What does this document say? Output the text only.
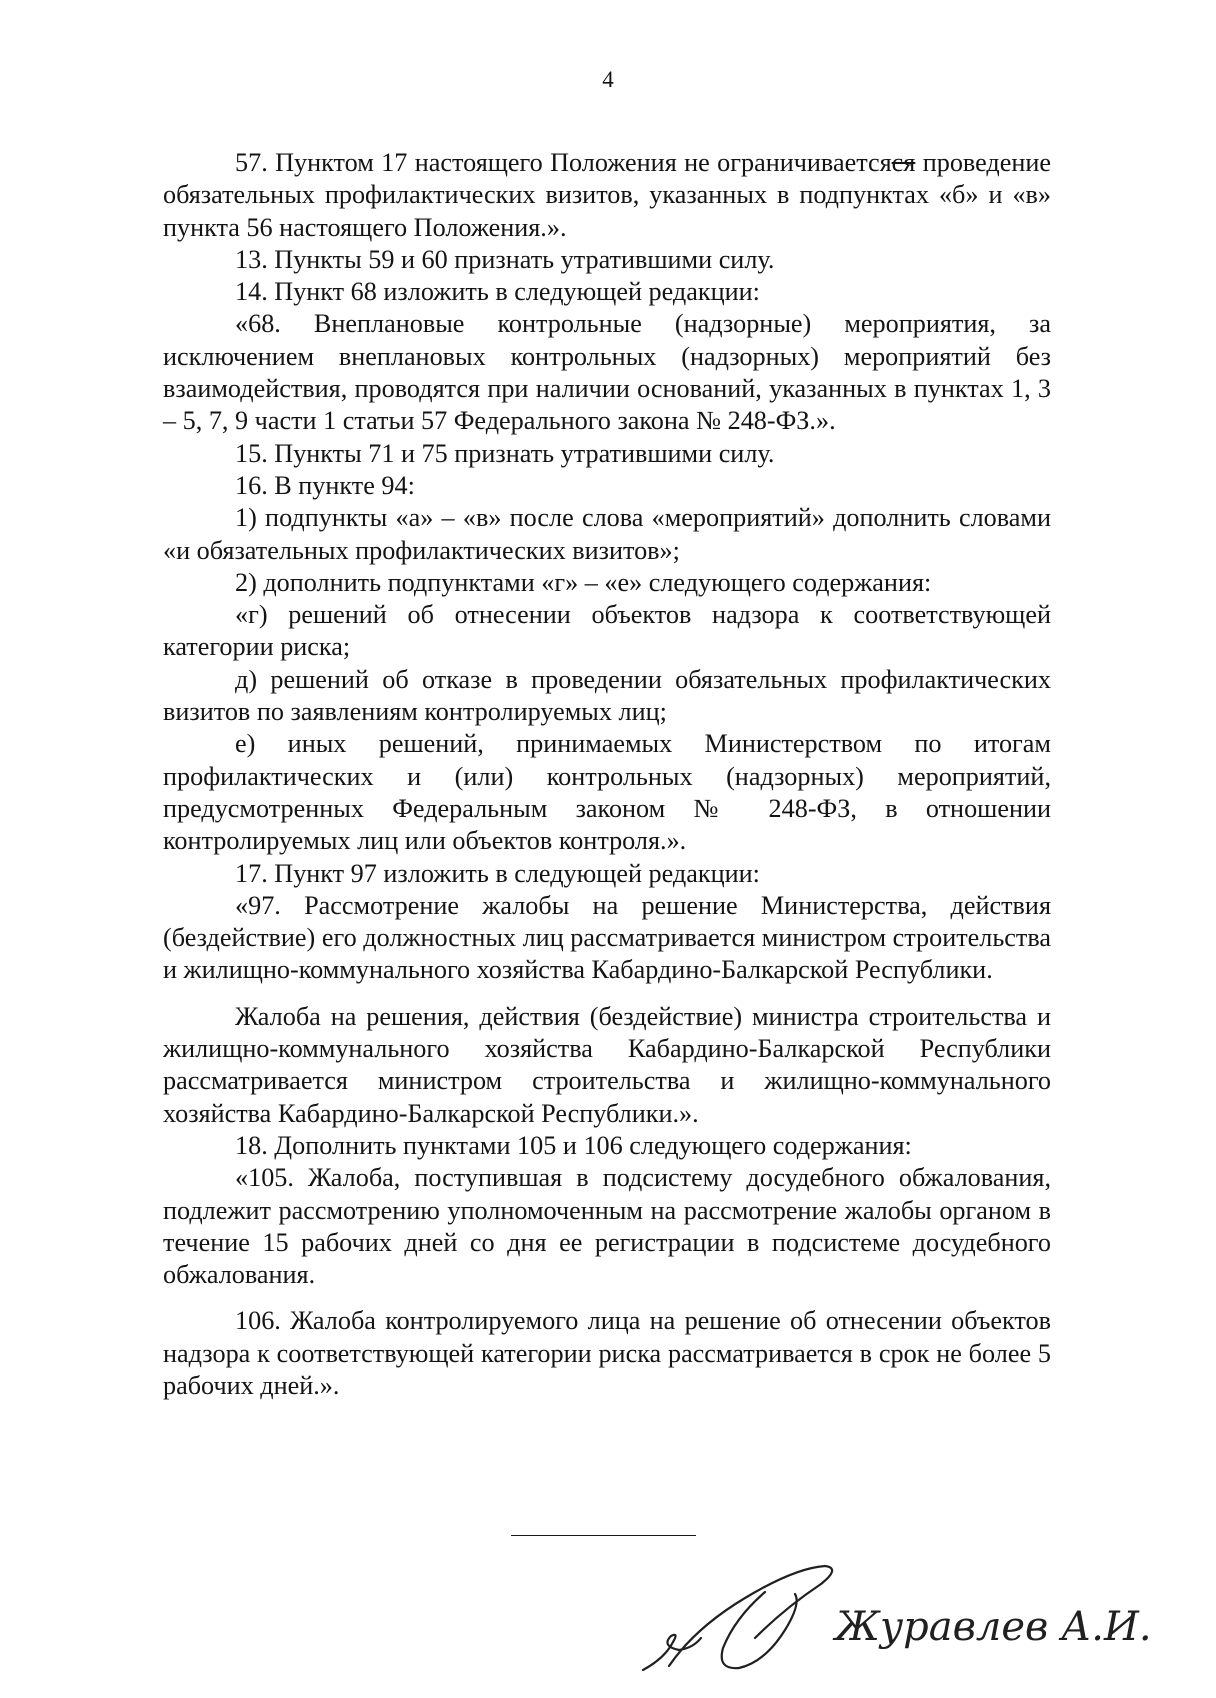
4

57. Пунктом 17 настоящего Положения не ограничиваетсяся проведение обязательных профилактических визитов, указанных в подпунктах «б» и «в» пункта 56 настоящего Положения.».

13. Пункты 59 и 60 признать утратившими силу.

14. Пункт 68 изложить в следующей редакции:

«68. Внеплановые контрольные (надзорные) мероприятия, за исключением внеплановых контрольных (надзорных) мероприятий без взаимодействия, проводятся при наличии оснований, указанных в пунктах 1, 3 – 5, 7, 9 части 1 статьи 57 Федерального закона № 248-ФЗ.».

15. Пункты 71 и 75 признать утратившими силу.

16. В пункте 94:

1) подпункты «а» – «в» после слова «мероприятий» дополнить словами «и обязательных профилактических визитов»;

2) дополнить подпунктами «г» – «е» следующего содержания:

«г) решений об отнесении объектов надзора к соответствующей категории риска;

д) решений об отказе в проведении обязательных профилактических визитов по заявлениям контролируемых лиц;

е) иных решений, принимаемых Министерством по итогам профилактических и (или) контрольных (надзорных) мероприятий, предусмотренных Федеральным законом № 248-ФЗ, в отношении контролируемых лиц или объектов контроля.».

17. Пункт 97 изложить в следующей редакции:

«97. Рассмотрение жалобы на решение Министерства, действия (бездействие) его должностных лиц рассматривается министром строительства и жилищно-коммунального хозяйства Кабардино-Балкарской Республики.

Жалоба на решения, действия (бездействие) министра строительства и жилищно-коммунального хозяйства Кабардино-Балкарской Республики рассматривается министром строительства и жилищно-коммунального хозяйства Кабардино-Балкарской Республики.».

18. Дополнить пунктами 105 и 106 следующего содержания:

«105. Жалоба, поступившая в подсистему досудебного обжалования, подлежит рассмотрению уполномоченным на рассмотрение жалобы органом в течение 15 рабочих дней со дня ее регистрации в подсистеме досудебного обжалования.

106. Жалоба контролируемого лица на решение об отнесении объектов надзора к соответствующей категории риска рассматривается в срок не более 5 рабочих дней.».

Журавлев А.И.
